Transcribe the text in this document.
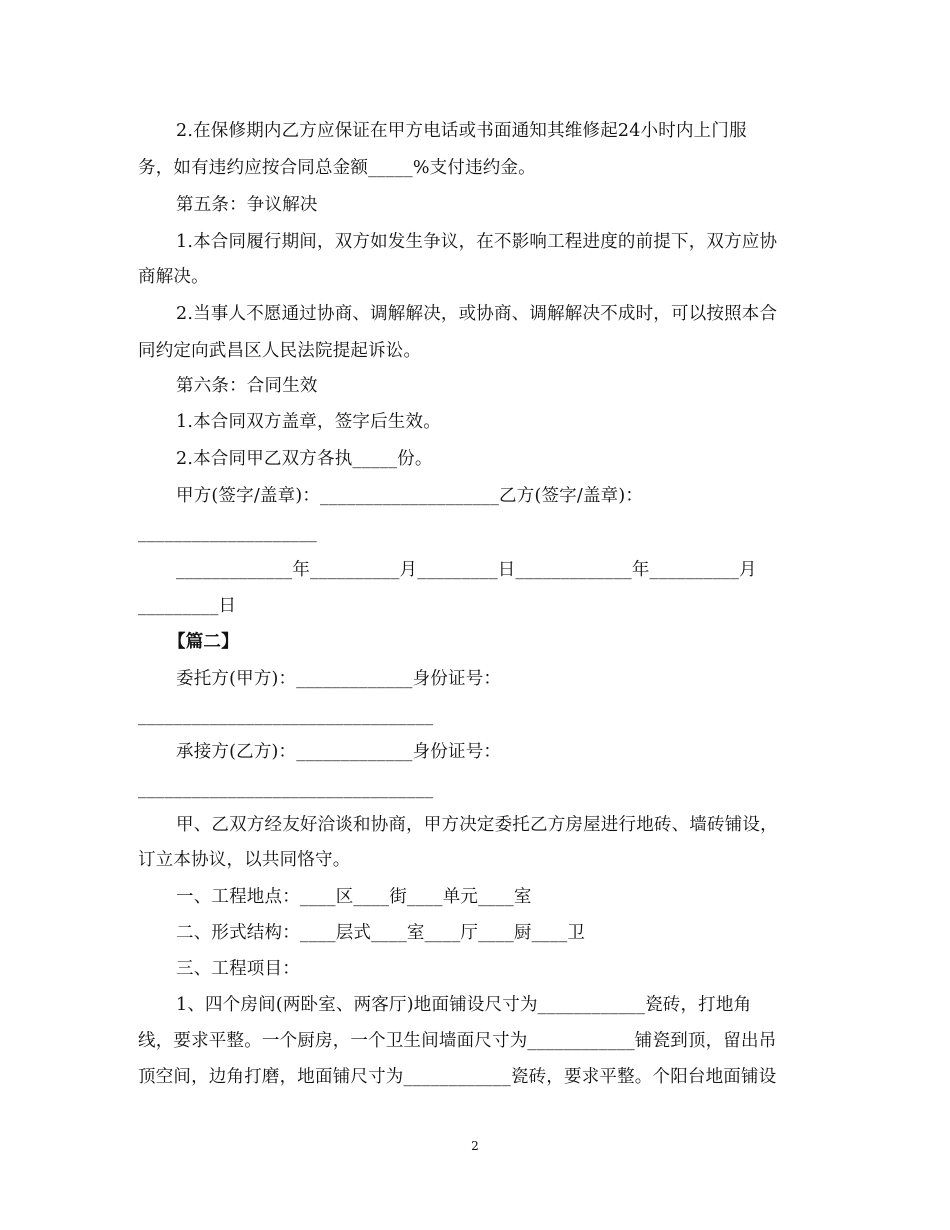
2.在保修期内乙方应保证在甲方电话或书面通知其维修起24小时内上门服
务，如有违约应按合同总金额_____%支付违约金。
第五条：争议解决
1.本合同履行期间，双方如发生争议，在不影响工程进度的前提下，双方应协
商解决。
2.当事人不愿通过协商、调解解决，或协商、调解解决不成时，可以按照本合
同约定向武昌区人民法院提起诉讼。
第六条：合同生效
1.本合同双方盖章，签字后生效。
2.本合同甲乙双方各执_____份。
甲方(签字/盖章)：____________________乙方(签字/盖章)：
____________________
_____________年__________月_________日_____________年__________月
_________日
【篇二】
委托方(甲方)：_____________身份证号：
_________________________________
承接方(乙方)：_____________身份证号：
_________________________________
甲、乙双方经友好洽谈和协商，甲方决定委托乙方房屋进行地砖、墙砖铺设，
订立本协议，以共同恪守。
一、工程地点：____区____街____单元____室
二、形式结构：____层式____室____厅____厨____卫
三、工程项目：
1、四个房间(两卧室、两客厅)地面铺设尺寸为____________瓷砖，打地角
线，要求平整。一个厨房，一个卫生间墙面尺寸为____________铺瓷到顶，留出吊
顶空间，边角打磨，地面铺尺寸为____________瓷砖，要求平整。个阳台地面铺设
2
